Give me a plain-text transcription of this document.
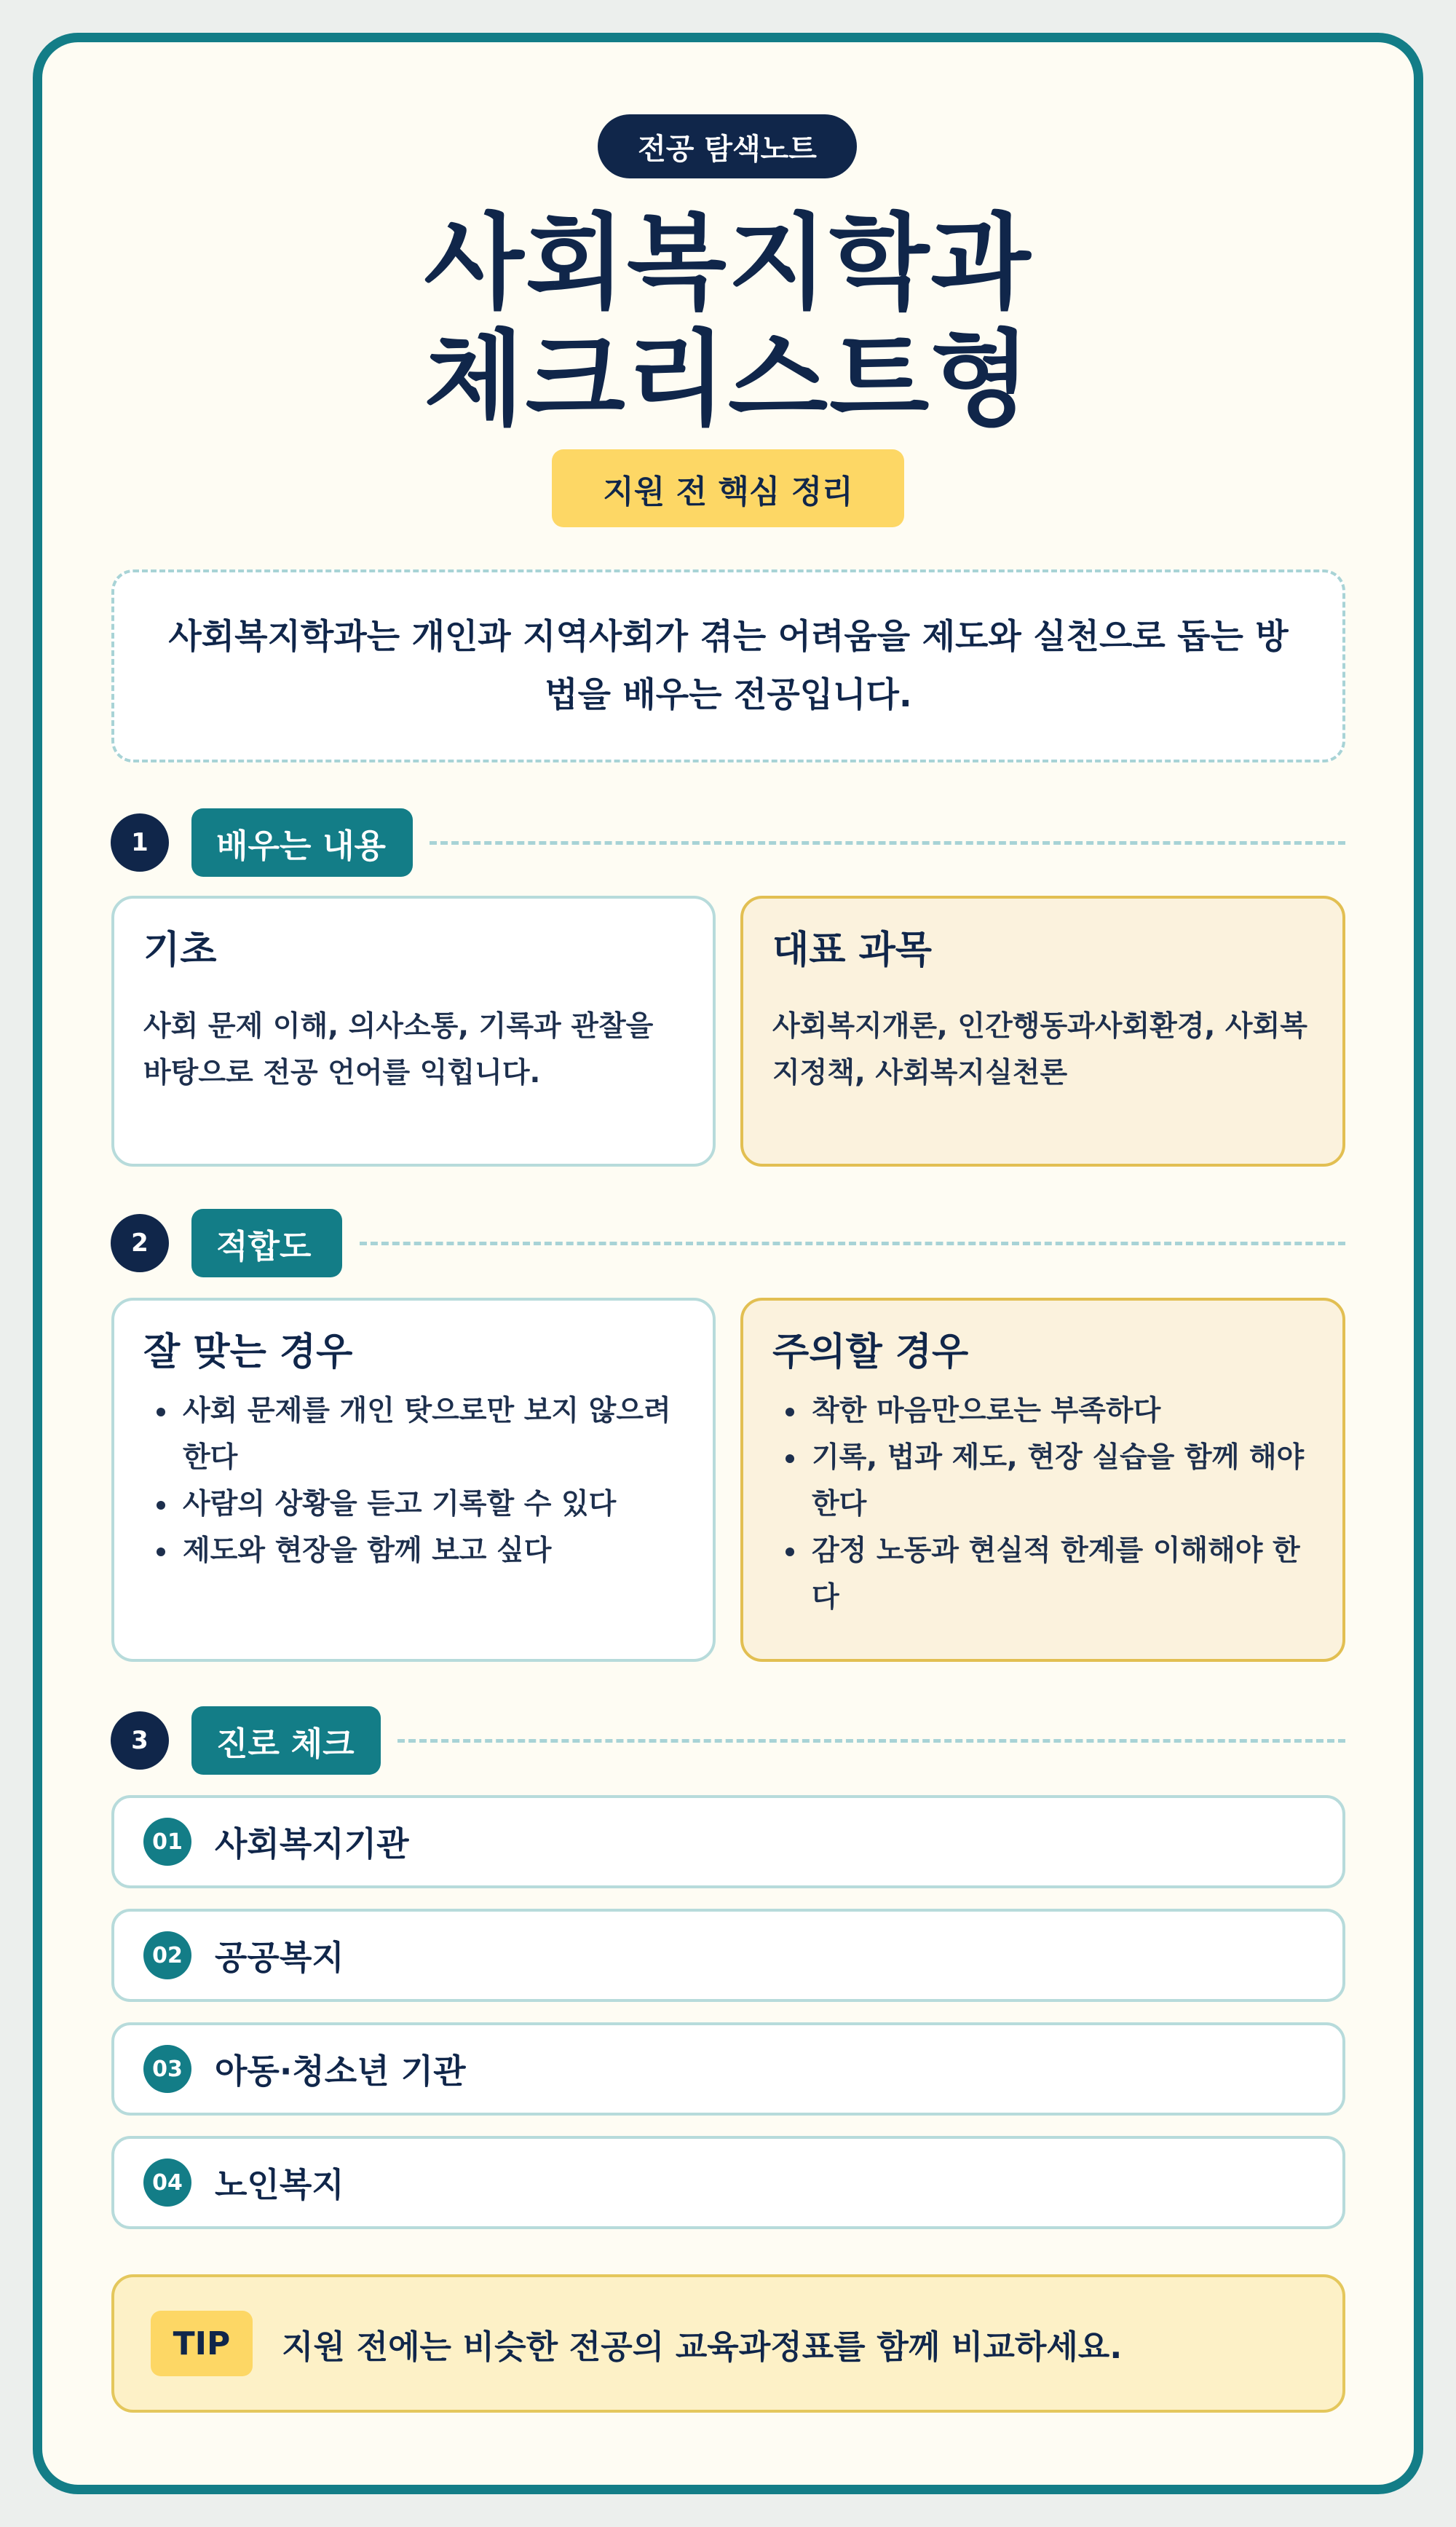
전공 탐색노트
사회복지학과
체크리스트형
지원 전 핵심 정리
사회복지학과는 개인과 지역사회가 겪는 어려움을 제도와 실천으로 돕는 방법을 배우는 전공입니다.
1	배우는 내용
기초

사회 문제 이해, 의사소통, 기록과 관찰을 바탕으로 전공 언어를 익힙니다.

대표 과목

사회복지개론, 인간행동과사회환경, 사회복지정책, 사회복지실천론

2	적합도
잘 맞는 경우
• 사회 문제를 개인 탓으로만 보지 않으려 한다
• 사람의 상황을 듣고 기록할 수 있다
• 제도와 현장을 함께 보고 싶다
주의할 경우
• 착한 마음만으로는 부족하다
• 기록, 법과 제도, 현장 실습을 함께 해야 한다
• 감정 노동과 현실적 한계를 이해해야 한다
3	진로 체크
01 사회복지기관
02 공공복지
03 아동·청소년 기관
04 노인복지
TIP	지원 전에는 비슷한 전공의 교육과정표를 함께 비교하세요.
